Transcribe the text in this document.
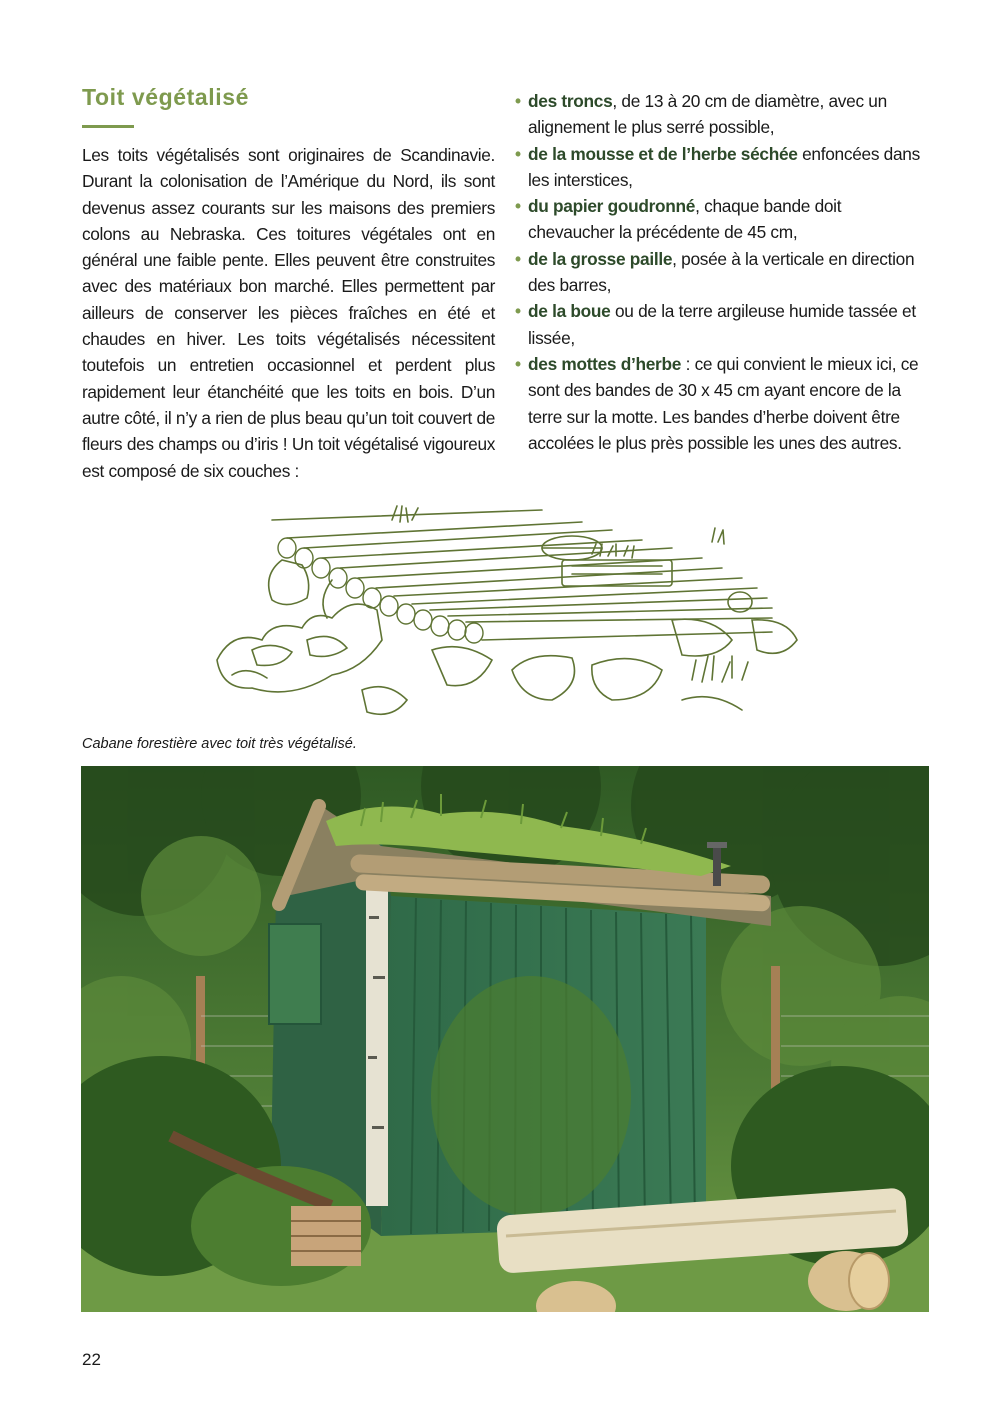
Toit végétalisé

Les toits végétalisés sont originaires de Scandinavie. Durant la colonisation de l’Amérique du Nord, ils sont devenus assez courants sur les maisons des premiers colons au Nebraska. Ces toitures végétales ont en général une faible pente. Elles peuvent être construites avec des matériaux bon marché. Elles permettent par ailleurs de conserver les pièces fraîches en été et chaudes en hiver. Les toits végétalisés nécessitent toutefois un entretien occasionnel et perdent plus rapidement leur étanchéité que les toits en bois. D’un autre côté, il n’y a rien de plus beau qu’un toit couvert de fleurs des champs ou d’iris ! Un toit végétalisé vigoureux est composé de six couches :

• des troncs, de 13 à 20 cm de diamètre, avec un alignement le plus serré possible,
• de la mousse et de l’herbe séchée enfoncées dans les interstices,
• du papier goudronné, chaque bande doit chevaucher la précédente de 45 cm,
• de la grosse paille, posée à la verticale en direction des barres,
• de la boue ou de la terre argileuse humide tassée et lissée,
• des mottes d’herbe : ce qui convient le mieux ici, ce sont des bandes de 30 x 45 cm ayant encore de la terre sur la motte. Les bandes d’herbe doivent être accolées le plus près possible les unes des autres.

Cabane forestière avec toit très végétalisé.

22
